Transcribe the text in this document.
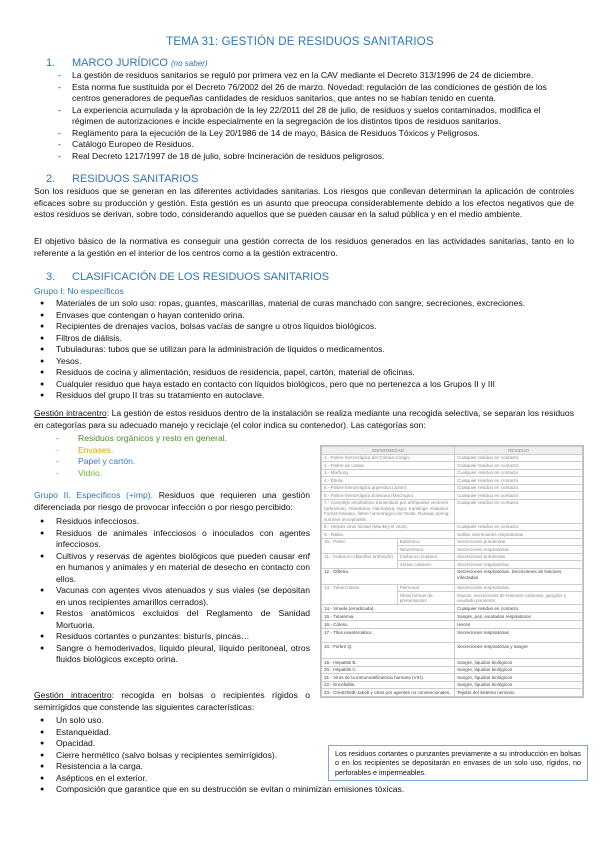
TEMA 31: GESTIÓN DE RESIDUOS SANITARIOS
1. MARCO JURÍDICO (no saber)
- La gestión de residuos sanitarios se reguló por primera vez en la CAV mediante el Decreto 313/1996 de 24 de diciembre.
- Esta norma fue sustituida por el Decreto 76/2002 del 26 de marzo. Novedad: regulación de las condiciones de gestión de los centros generadores de pequeñas cantidades de residuos sanitarios, que antes no se habían tenido en cuenta.
- La experiencia acumulada y la aprobación de la ley 22/2011 del 28 de julio, de residuos y suelos contaminados, modifica el régimen de autorizaciones e incide especialmente en la segregación de los distintos tipos de residuos sanitarios.
- Reglamento para la ejecución de la Ley 20/1986 de 14 de mayo, Básica de Residuos Tóxicos y Peligrosos.
- Catálogo Europeo de Residuos.
- Real Decreto 1217/1997 de 18 de julio, sobre Incineración de residuos peligrosos.
2. RESIDUOS SANITARIOS
Son los residuos que se generan en las diferentes actividades sanitarias. Los riesgos que conllevan determinan la aplicación de controles eficaces sobre su producción y gestión. Esta gestión es un asunto que preocupa considerablemente debido a los efectos negativos que de estos residuos se derivan, sobre todo, considerando aquellos que se pueden causar en la salud pública y en el medio ambiente.
El objetivo básico de la normativa es conseguir una gestión correcta de los residuos generados en las actividades sanitarias, tanto en lo referente a la gestión en el interior de los centros como a la gestión extracentro.
3. CLASIFICACIÓN DE LOS RESIDUOS SANITARIOS
Grupo I: No específicos
● Materiales de un solo uso: ropas, guantes, mascarillas, material de curas manchado con sangre, secreciones, excreciones.
● Envases que contengan o hayan contenido orina.
● Recipientes de drenajes vacíos, bolsas vacías de sangre u otros líquidos biológicos.
● Filtros de diálisis.
● Tubuladuras: tubos que se utilizan para la administración de líquidos o medicamentos.
● Yesos.
● Residuos de cocina y alimentación, residuos de residencia, papel, cartón, material de oficinas.
● Cualquier residuo que haya estado en contacto con líquidos biológicos, pero que no pertenezca a los Grupos II y III
● Residuos del grupo II tras su tratamiento en autoclave.
Gestión intracentro: La gestión de estos residuos dentro de la instalación se realiza mediante una recogida selectiva, se separan los residuos en categorías para su adecuado manejo y reciclaje (el color indica su contenedor). Las categorías son:
- Residuos orgánicos y resto en general.
- Envases.
- Papel y cartón.
- Vidrio.
Grupo II. Específicos (+imp). Residuos que requieren una gestión diferenciada por riesgo de provocar infección o por riesgo percibido:
● Residuos infecciosos.
● Residuos de animales infecciosos o inoculados con agentes infecciosos.
● Cultivos y reservas de agentes biológicos que pueden causar enf en humanos y animales y en material de desecho en contacto con ellos.
● Vacunas con agentes vivos atenuados y sus viales (se depositan en unos recipientes amarillos cerrados).
● Restos anatómicos excluidos del Reglamento de Sanidad Mortuoria.
● Residuos cortantes o punzantes: bisturís, pincas…
● Sangre o hemoderivados, líquido pleural, líquido peritoneal, otros fluidos biológicos excepto orina.
Gestión intracentro: recogida en bolsas o recipientes rígidos o semirrígidos que constende las siguientes características:
● Un solo uso.
● Estanqueidad.
● Opacidad.
● Cierre hermético (salvo bolsas y recipientes semirrígidos).
● Resistencia a la carga.
● Asépticos en el exterior.
● Composición que garantice que en su destrucción se evitan o minimizan emisiones tóxicas.
ENFERMEDAD		RESIDUO
1.- Fiebre hemorrágica del Crimea-Congo.		Cualquier residuo en contacto
2.- Fiebre de Lassa.		Cualquier residuo en contacto
3.- Marburg.		Cualquier residuo en contacto
4.- Ébola.		Cualquier residuo en contacto
5.- Fiebre hemorrágica argentina (Junin).		Cualquier residuo en contacto
6.- Fiebre hemorrágica boliviana (Machupo).		Cualquier residuo en contacto
7.- Complejo encefalítico transmitido por artrópodos vectores (arbovirus): Absettarov, Hanzalova, Hypr, Kumlinge, Kiasanur Forest Disease, fiebre hemorrágica de Omsk, Russian spring-summer encephalitis.		Cualquier residuo en contacto
8.- Herpes virus simiae (Monkey B virus).		Cualquier residuo en contacto
9.- Rabia.		Saliva, secreciones respiratorias
10.- Peste.	Bubónica:	Secreciones purulentas
	Neumónica:	Secreciones respiratorias
11.- Carbunco (Bacillus anthracis)	Carbunco cutáneo:	Secreciones purulentas
	Ántrax cutáneo:	Secreciones respiratorias
12.- Difteria.		Secreciones respiratorias. Secreciones de lesiones infectadas
13.- Tuberculosis.	Pulmonar:	Secreciones respiratorias
	Otras formas de presentación:	Esputo, secreciones de lesiones cutáneas, ganglios y exudado purulento
14.- Viruela (erradicada).		Cualquier residuo en contacto
15.- Tularemia.		Sangre, pus, exudados respiratorios
16.- Cólera.		Heces
17.- Tifus exantemático.		Secreciones respiratorias
10.- Fiebre Q.		Secreciones respiratorias y sangre
19.- Hepatitis B.		Sangre, líquidos biológicos
20.- Hepatitis C.		Sangre, líquidos biológicos
21.- Virus de la inmunodeficiencia humana (VIH).		Sangre, líquidos biológicos
22.- Encefalitis.		Sangre, líquidos biológicos
23.- Creutzfeldt-Jakob y otras por agentes no convencionales.		Tejidos del sistema nervioso
Los residuos cortantes o punzantes previamente a su introducción en bolsas o en los recipientes se depositarán en envases de un solo uso, rígidos, no perforables e impermeables.
